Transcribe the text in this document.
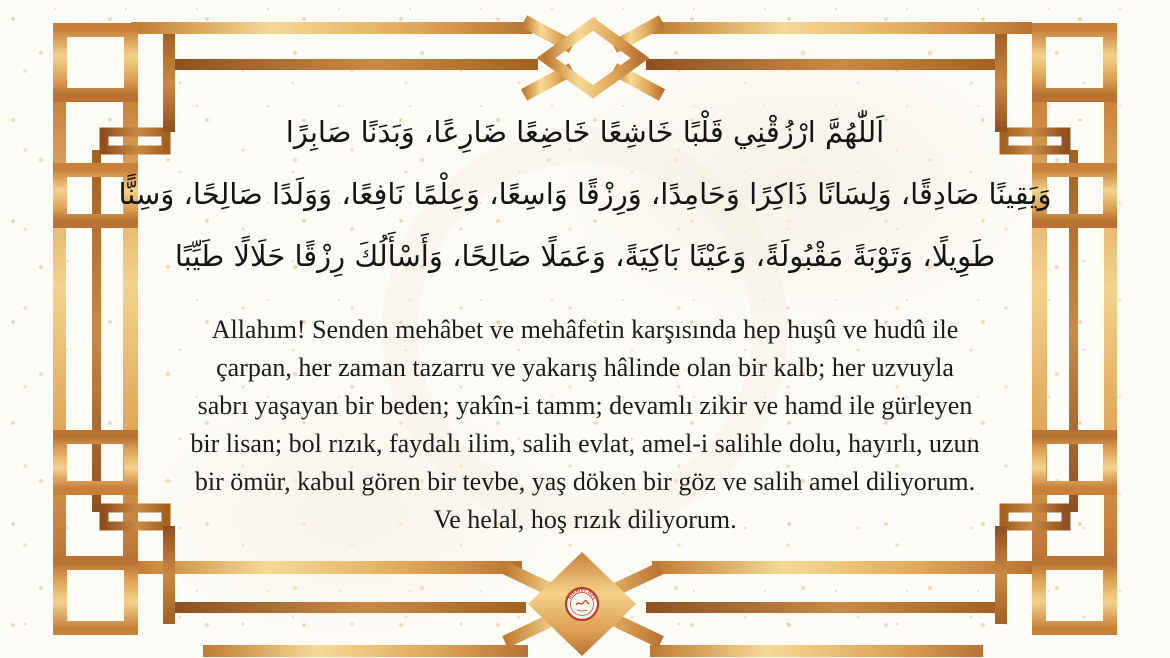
hikmet.net
اَللّٰهُمَّ ارْزُقْنِي قَلْبًا خَاشِعًا خَاضِعًا ضَارِعًا، وَبَدَنًا صَابِرًا
وَيَقِينًا صَادِقًا، وَلِسَانًا ذَاكِرًا وَحَامِدًا، وَرِزْقًا وَاسِعًا، وَعِلْمًا نَافِعًا، وَوَلَدًا صَالِحًا، وَسِنًّا
طَوِيلًا، وَتَوْبَةً مَقْبُولَةً، وَعَيْنًا بَاكِيَةً، وَعَمَلًا صَالِحًا، وَأَسْأَلُكَ رِزْقًا حَلَالًا طَيِّبًا
Allahım! Senden mehâbet ve mehâfetin karşısında hep huşû ve hudû ile
çarpan, her zaman tazarru ve yakarış hâlinde olan bir kalb; her uzvuyla
sabrı yaşayan bir beden; yakîn-i tamm; devamlı zikir ve hamd ile gürleyen
bir lisan; bol rızık, faydalı ilim, salih evlat, amel-i salihle dolu, hayırlı, uzun
bir ömür, kabul gören bir tevbe, yaş döken bir göz ve salih amel diliyorum.
Ve helal, hoş rızık diliyorum.
